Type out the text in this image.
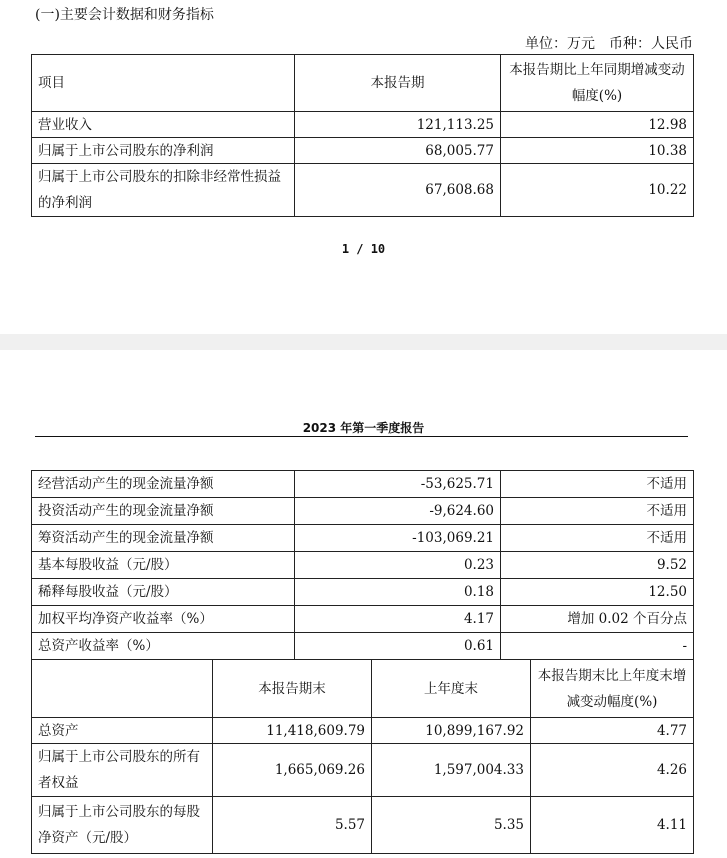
(一)主要会计数据和财务指标
单位：万元　币种：人民币
项目	本报告期	本报告期比上年同期增减变动幅度(%)
营业收入	121,113.25	12.98
归属于上市公司股东的净利润	68,005.77	10.38
归属于上市公司股东的扣除非经常性损益的净利润	67,608.68	10.22
1 / 10
2023 年第一季度报告
经营活动产生的现金流量净额	-53,625.71	不适用
投资活动产生的现金流量净额	-9,624.60	不适用
筹资活动产生的现金流量净额	-103,069.21	不适用
基本每股收益（元/股）	0.23	9.52
稀释每股收益（元/股）	0.18	12.50
加权平均净资产收益率（%）	4.17	增加 0.02 个百分点
总资产收益率（%）	0.61	-
	本报告期末	上年度末	本报告期末比上年度末增减变动幅度(%)
总资产	11,418,609.79	10,899,167.92	4.77
归属于上市公司股东的所有者权益	1,665,069.26	1,597,004.33	4.26
归属于上市公司股东的每股净资产（元/股）	5.57	5.35	4.11
